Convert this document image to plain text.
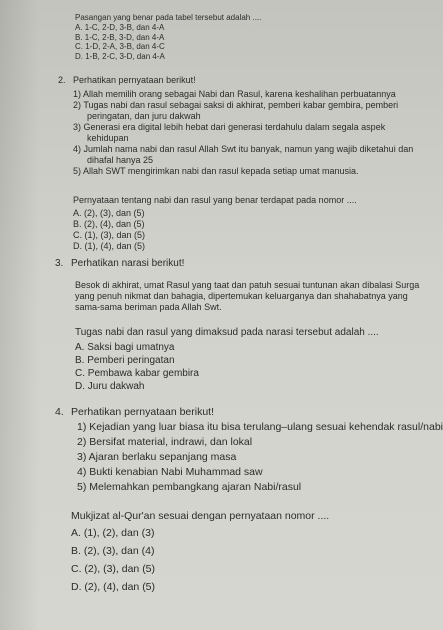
Pasangan yang benar pada tabel tersebut adalah ....
A. 1-C, 2-D, 3-B, dan 4-A
B. 1-C, 2-B, 3-D, dan 4-A
C. 1-D, 2-A, 3-B, dan 4-C
D. 1-B, 2-C, 3-D, dan 4-A
2. Perhatikan pernyataan berikut!
1) Allah memilih orang sebagai Nabi dan Rasul, karena keshalihan perbuatannya
2) Tugas nabi dan rasul sebagai saksi di akhirat, pemberi kabar gembira, pemberi
peringatan, dan juru dakwah
3) Generasi era digital lebih hebat dari generasi terdahulu dalam segala aspek
kehidupan
4) Jumlah nama nabi dan rasul Allah Swt itu banyak, namun yang wajib diketahui dan
dihafal hanya 25
5) Allah SWT mengirimkan nabi dan rasul kepada setiap umat manusia.
Pernyataan tentang nabi dan rasul yang benar terdapat pada nomor ....
A. (2), (3), dan (5)
B. (2), (4), dan (5)
C. (1), (3), dan (5)
D. (1), (4), dan (5)
3. Perhatikan narasi berikut!
Besok di akhirat, umat Rasul yang taat dan patuh sesuai tuntunan akan dibalasi Surga
yang penuh nikmat dan bahagia, dipertemukan keluarganya dan shahabatnya yang
sama-sama beriman pada Allah Swt.
Tugas nabi dan rasul yang dimaksud pada narasi tersebut adalah ....
A. Saksi bagi umatnya
B. Pemberi peringatan
C. Pembawa kabar gembira
D. Juru dakwah
4. Perhatikan pernyataan berikut!
1) Kejadian yang luar biasa itu bisa terulang–ulang sesuai kehendak rasul/nabi
2) Bersifat material, indrawi, dan lokal
3) Ajaran berlaku sepanjang masa
4) Bukti kenabian Nabi Muhammad saw
5) Melemahkan pembangkang ajaran Nabi/rasul
Mukjizat al-Qur'an sesuai dengan pernyataan nomor ....
A. (1), (2), dan (3)
B. (2), (3), dan (4)
C. (2), (3), dan (5)
D. (2), (4), dan (5)
